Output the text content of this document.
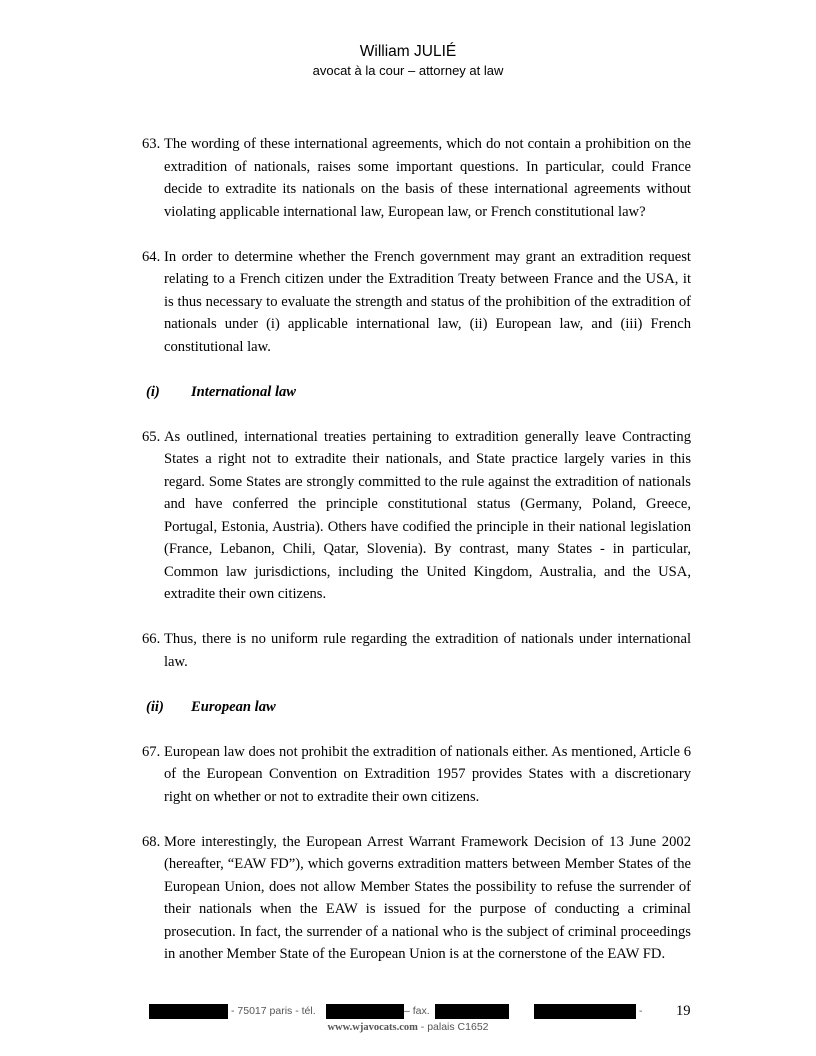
William JULIÉ
avocat à la cour – attorney at law
63. The wording of these international agreements, which do not contain a prohibition on the extradition of nationals, raises some important questions. In particular, could France decide to extradite its nationals on the basis of these international agreements without violating applicable international law, European law, or French constitutional law?
64. In order to determine whether the French government may grant an extradition request relating to a French citizen under the Extradition Treaty between France and the USA, it is thus necessary to evaluate the strength and status of the prohibition of the extradition of nationals under (i) applicable international law, (ii) European law, and (iii) French constitutional law.
(i) International law
65. As outlined, international treaties pertaining to extradition generally leave Contracting States a right not to extradite their nationals, and State practice largely varies in this regard. Some States are strongly committed to the rule against the extradition of nationals and have conferred the principle constitutional status (Germany, Poland, Greece, Portugal, Estonia, Austria). Others have codified the principle in their national legislation (France, Lebanon, Chili, Qatar, Slovenia). By contrast, many States - in particular, Common law jurisdictions, including the United Kingdom, Australia, and the USA, extradite their own citizens.
66. Thus, there is no uniform rule regarding the extradition of nationals under international law.
(ii) European law
67. European law does not prohibit the extradition of nationals either. As mentioned, Article 6 of the European Convention on Extradition 1957 provides States with a discretionary right on whether or not to extradite their own citizens.
68. More interestingly, the European Arrest Warrant Framework Decision of 13 June 2002 (hereafter, “EAW FD”), which governs extradition matters between Member States of the European Union, does not allow Member States the possibility to refuse the surrender of their nationals when the EAW is issued for the purpose of conducting a criminal prosecution. In fact, the surrender of a national who is the subject of criminal proceedings in another Member State of the European Union is at the cornerstone of the EAW FD.
- 75017 paris - tél.	– fax.	- 19
www.wjavocats.com - palais C1652
